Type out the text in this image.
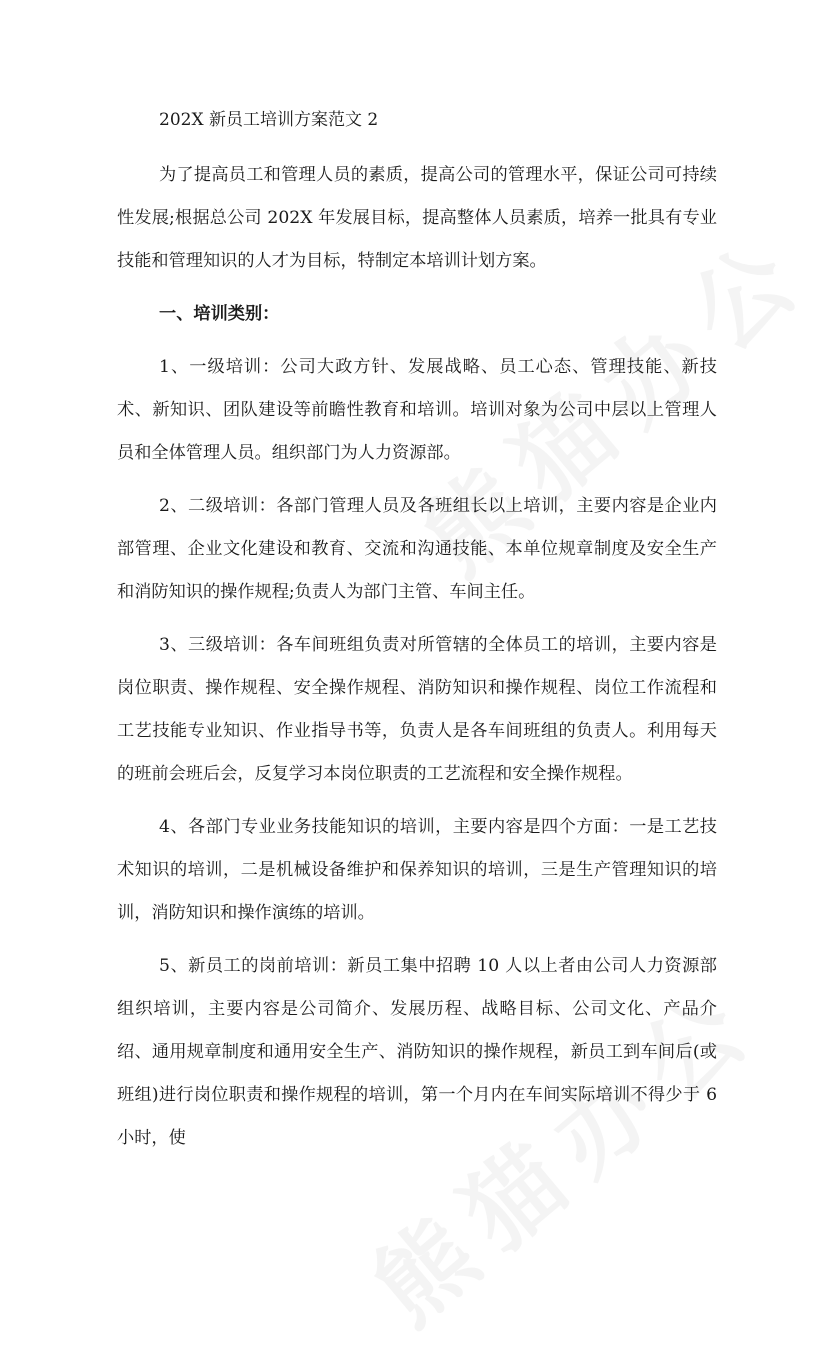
202X 新员工培训方案范文 2

为了提高员工和管理人员的素质，提高公司的管理水平，保证公司可持续性发展;根据总公司 202X 年发展目标，提高整体人员素质，培养一批具有专业技能和管理知识的人才为目标，特制定本培训计划方案。

一、培训类别：

1、一级培训：公司大政方针、发展战略、员工心态、管理技能、新技术、新知识、团队建设等前瞻性教育和培训。培训对象为公司中层以上管理人员和全体管理人员。组织部门为人力资源部。

2、二级培训：各部门管理人员及各班组长以上培训，主要内容是企业内部管理、企业文化建设和教育、交流和沟通技能、本单位规章制度及安全生产和消防知识的操作规程;负责人为部门主管、车间主任。

3、三级培训：各车间班组负责对所管辖的全体员工的培训，主要内容是岗位职责、操作规程、安全操作规程、消防知识和操作规程、岗位工作流程和工艺技能专业知识、作业指导书等，负责人是各车间班组的负责人。利用每天的班前会班后会，反复学习本岗位职责的工艺流程和安全操作规程。

4、各部门专业业务技能知识的培训，主要内容是四个方面：一是工艺技术知识的培训，二是机械设备维护和保养知识的培训，三是生产管理知识的培训，消防知识和操作演练的培训。

5、新员工的岗前培训：新员工集中招聘 10 人以上者由公司人力资源部组织培训，主要内容是公司简介、发展历程、战略目标、公司文化、产品介绍、通用规章制度和通用安全生产、消防知识的操作规程，新员工到车间后(或班组)进行岗位职责和操作规程的培训，第一个月内在车间实际培训不得少于 6 小时，使
